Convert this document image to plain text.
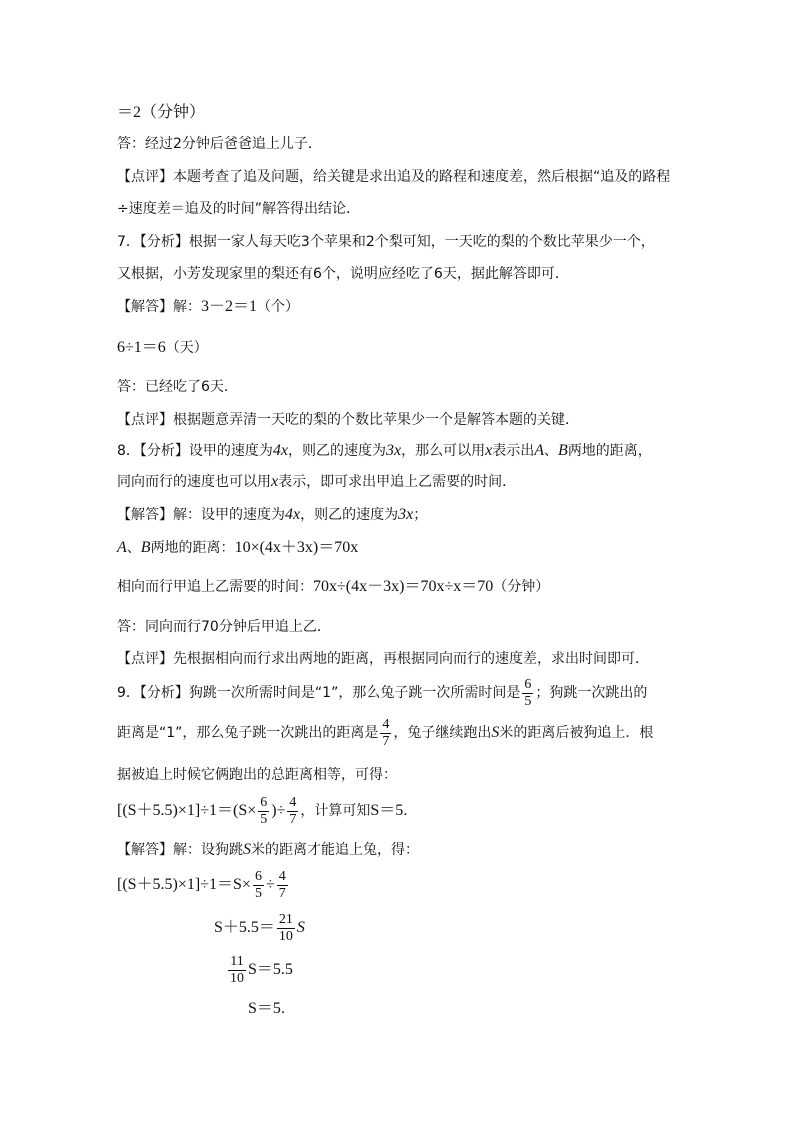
＝2（分钟）
答：经过2分钟后爸爸追上儿子．
【点评】本题考查了追及问题，给关键是求出追及的路程和速度差，然后根据“追及的路程
÷速度差＝追及的时间”解答得出结论．
7．【分析】根据一家人每天吃3个苹果和2个梨可知，一天吃的梨的个数比苹果少一个，
又根据，小芳发现家里的梨还有6个，说明应经吃了6天，据此解答即可．
【解答】解：3－2＝1（个）
6÷1＝6（天）
答：已经吃了6天．
【点评】根据题意弄清一天吃的梨的个数比苹果少一个是解答本题的关键．
8．【分析】设甲的速度为4x，则乙的速度为3x，那么可以用x表示出A、B两地的距离，
同向而行的速度也可以用x表示，即可求出甲追上乙需要的时间．
【解答】解：设甲的速度为4x，则乙的速度为3x；
A、B两地的距离：10×(4x＋3x)＝70x
相向而行甲追上乙需要的时间：70x÷(4x－3x)＝70x÷x＝70（分钟）
答：同向而行70分钟后甲追上乙．
【点评】先根据相向而行求出两地的距离，再根据同向而行的速度差，求出时间即可．
9．【分析】狗跳一次所需时间是“1”，那么兔子跳一次所需时间是 $\frac{6}{5}$ ；狗跳一次跳出的
距离是“1”，那么兔子跳一次跳出的距离是 $\frac{4}{7}$ ，兔子继续跑出S米的距离后被狗追上．根
据被追上时候它俩跑出的总距离相等，可得：
$[(S+5.5)\times 1]\div 1=(S\times \frac{6}{5}$ )÷ $\frac{4}{7}$ ，计算可知S＝5．
【解答】解：设狗跳S米的距离才能追上兔，得：
$[(S+5.5)\times 1]\div 1=S\times \frac{6}{5} \div \frac{4}{7}$
$S+5.5= \frac{21}{10}$ S
$\frac{11}{10} S=5.5$
S＝5．
